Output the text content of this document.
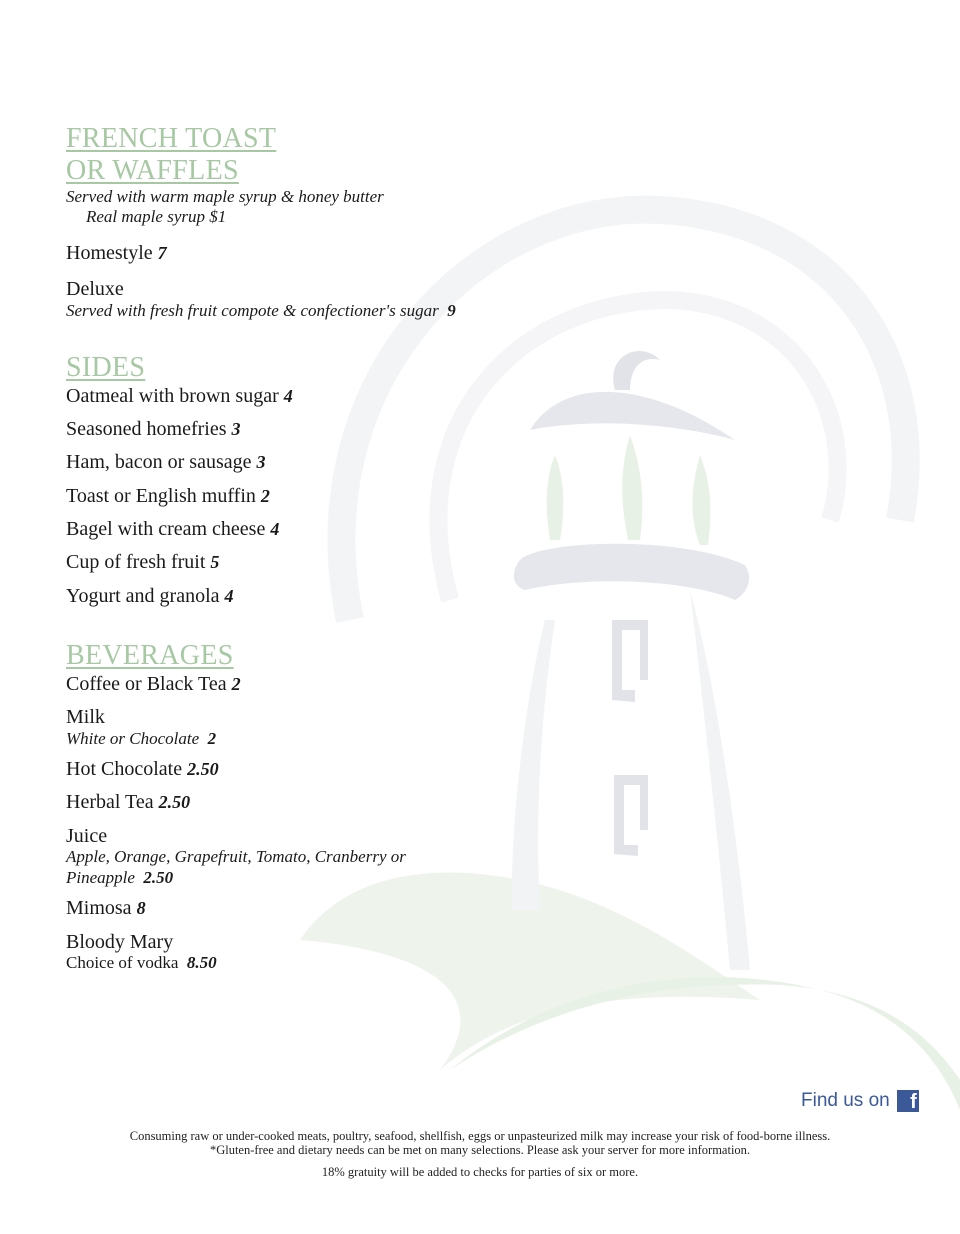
FRENCH TOAST
OR WAFFLES
Served with warm maple syrup & honey butter
Real maple syrup $1
Homestyle 7
Deluxe
Served with fresh fruit compote & confectioner's sugar 9
SIDES
Oatmeal with brown sugar 4
Seasoned homefries 3
Ham, bacon or sausage 3
Toast or English muffin 2
Bagel with cream cheese 4
Cup of fresh fruit 5
Yogurt and granola 4
BEVERAGES
Coffee or Black Tea 2
Milk
White or Chocolate 2
Hot Chocolate 2.50
Herbal Tea 2.50
Juice
Apple, Orange, Grapefruit, Tomato, Cranberry or
Pineapple 2.50
Mimosa 8
Bloody Mary
Choice of vodka 8.50
Find us on	f
Consuming raw or under-cooked meats, poultry, seafood, shellfish, eggs or unpasteurized milk may increase your risk of food-borne illness.
*Gluten-free and dietary needs can be met on many selections. Please ask your server for more information.
18% gratuity will be added to checks for parties of six or more.
